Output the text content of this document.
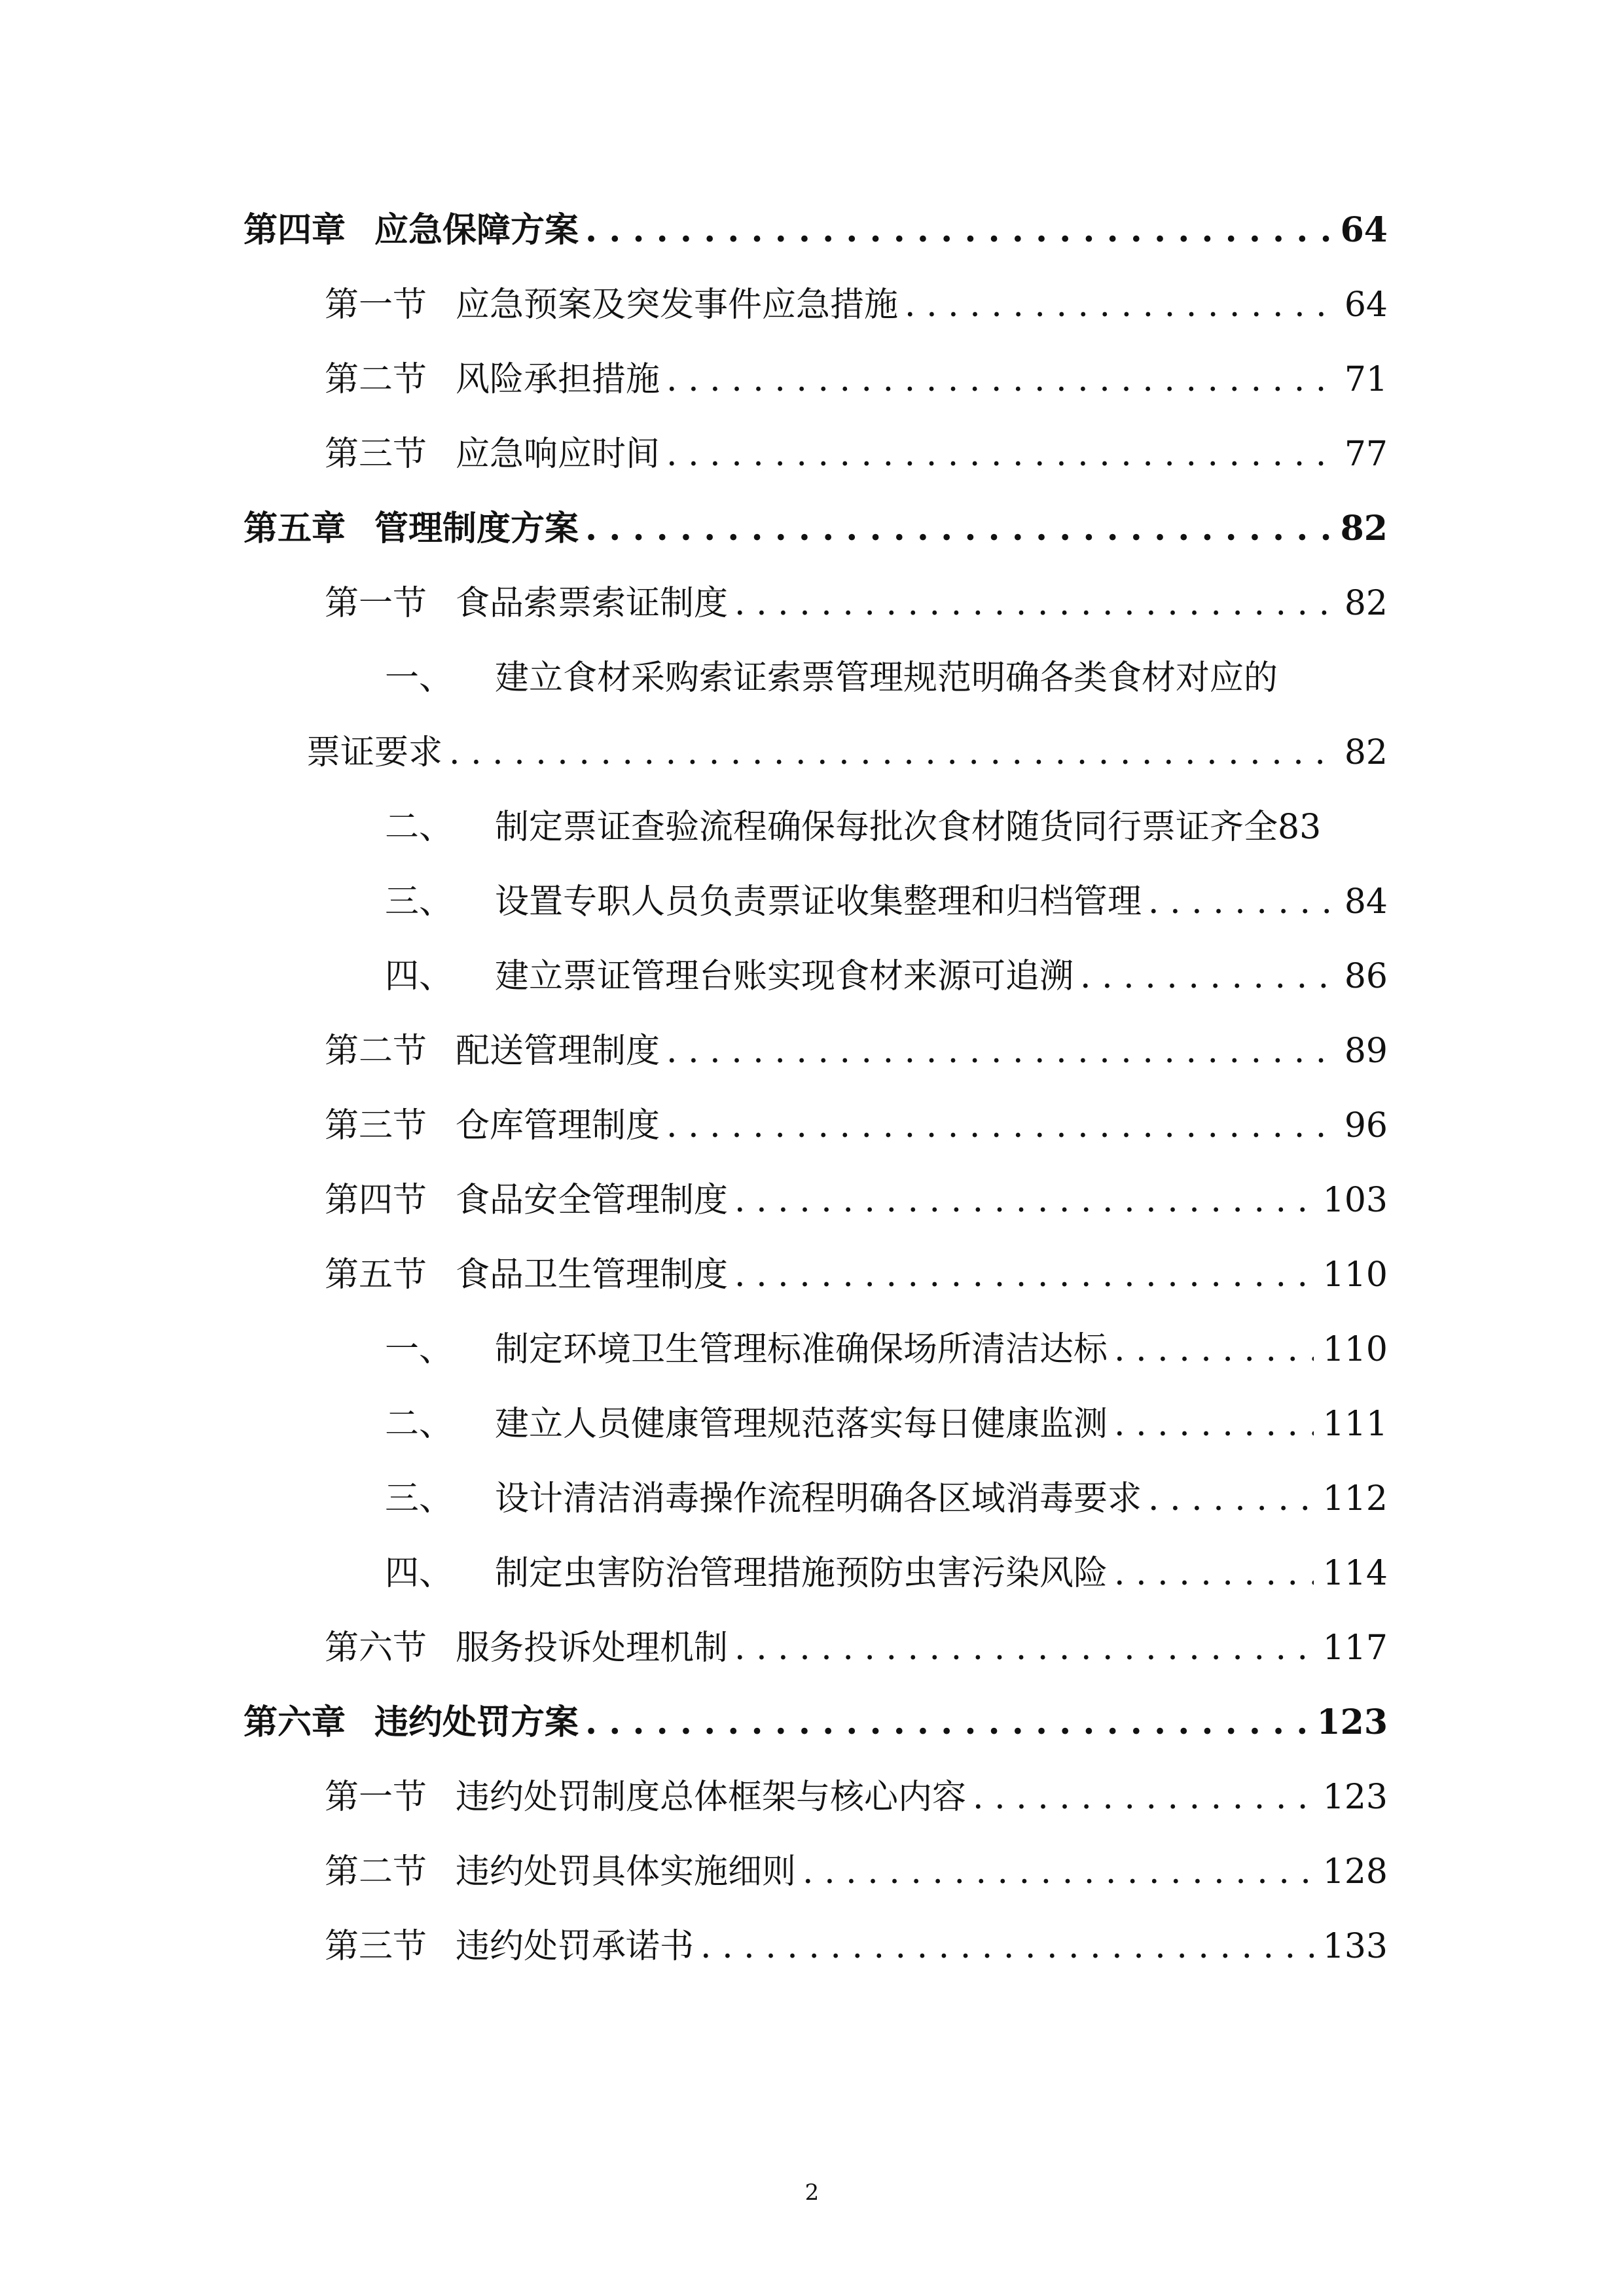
第四章 应急保障方案 . . .	64
第一节 应急预案及突发事件应急措施 . . .	64
第二节 风险承担措施 . . .	71
第三节 应急响应时间 . . .	77
第五章 管理制度方案 . . .	82
第一节 食品索票索证制度 . . .	82
一、 建立食材采购索证索票管理规范明确各类食材对应的
票证要求 . . .	82
二、 制定票证查验流程确保每批次食材随货同行票证齐全 83
三、 设置专职人员负责票证收集整理和归档管理 . . .	84
四、 建立票证管理台账实现食材来源可追溯 . . .	86
第二节 配送管理制度 . . .	89
第三节 仓库管理制度 . . .	96
第四节 食品安全管理制度 . . .	103
第五节 食品卫生管理制度 . . .	110
一、 制定环境卫生管理标准确保场所清洁达标 . . .	110
二、 建立人员健康管理规范落实每日健康监测 . . .	111
三、 设计清洁消毒操作流程明确各区域消毒要求 . . .	112
四、 制定虫害防治管理措施预防虫害污染风险 . . .	114
第六节 服务投诉处理机制 . . .	117
第六章 违约处罚方案 . . .	123
第一节 违约处罚制度总体框架与核心内容 . . .	123
第二节 违约处罚具体实施细则 . . .	128
第三节 违约处罚承诺书 . . .	133
2
